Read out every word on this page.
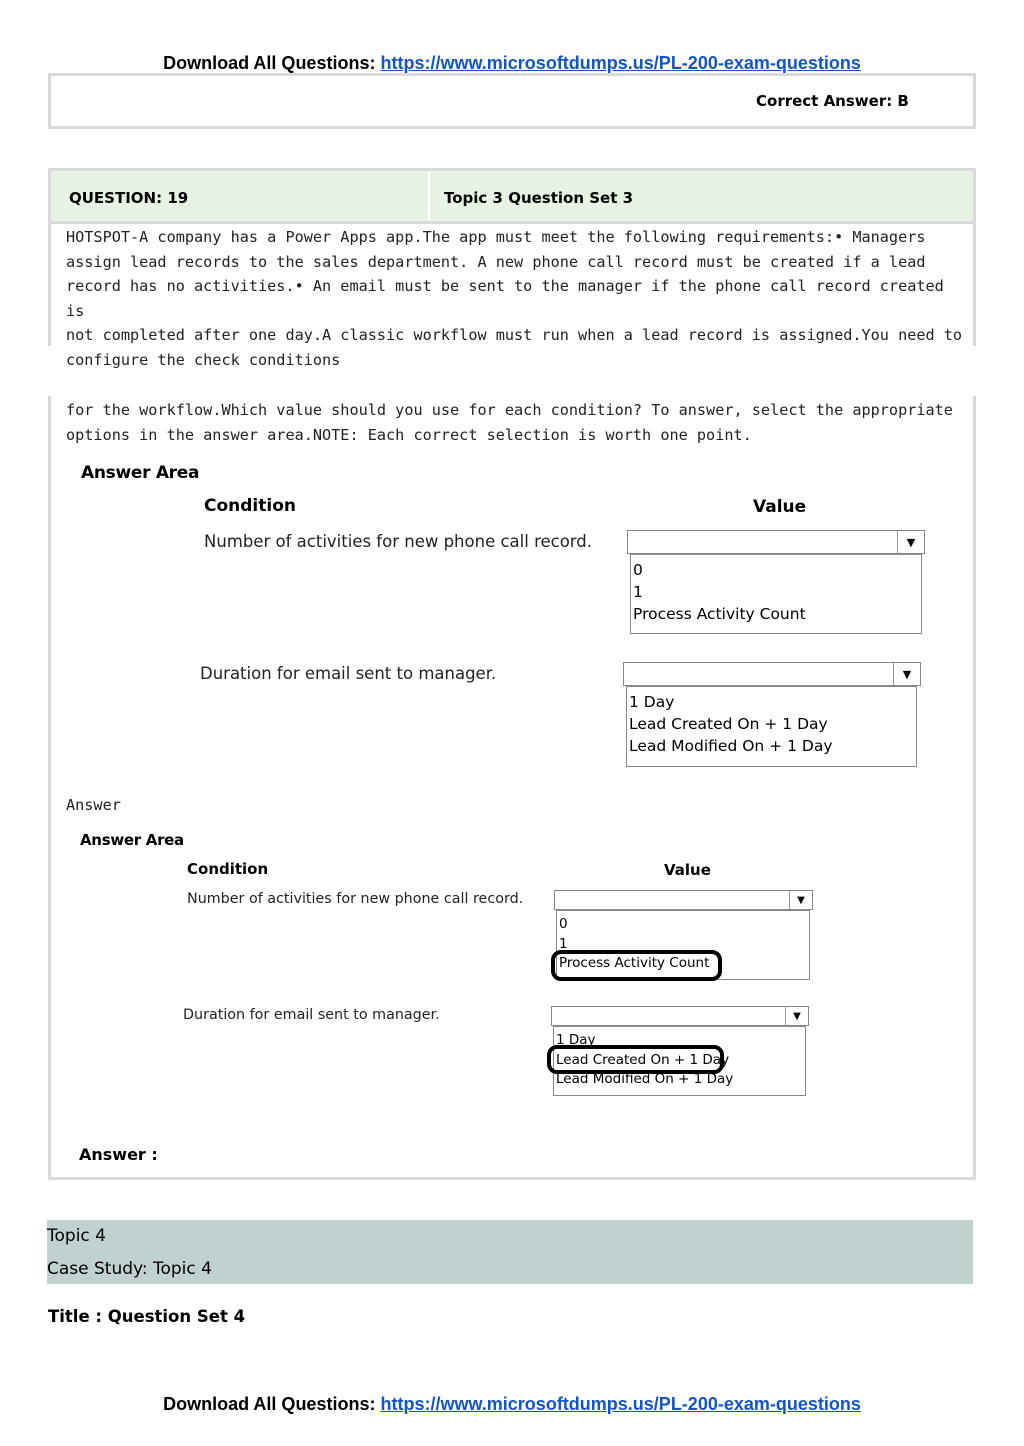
Download All Questions: https://www.microsoftdumps.us/PL-200-exam-questions
Correct Answer: B
QUESTION: 19	Topic 3 Question Set 3
HOTSPOT-A company has a Power Apps app.The app must meet the following requirements:• Managers
assign lead records to the sales department. A new phone call record must be created if a lead
record has no activities.• An email must be sent to the manager if the phone call record created is
not completed after one day.A classic workflow must run when a lead record is assigned.You need to
configure the check conditions
for the workflow.Which value should you use for each condition? To answer, select the appropriate
options in the answer area.NOTE: Each correct selection is worth one point.
Answer Area
Condition	Value
Number of activities for new phone call record.	▼
0
1
Process Activity Count
Duration for email sent to manager.	▼
1 Day
Lead Created On + 1 Day
Lead Modified On + 1 Day
Answer
Answer Area
Condition	Value
Number of activities for new phone call record.	▼
0
1
Process Activity Count
Duration for email sent to manager.	▼
1 Day
Lead Created On + 1 Day
Lead Modified On + 1 Day
Answer :
Topic 4
Case Study: Topic 4
Title : Question Set 4
Download All Questions: https://www.microsoftdumps.us/PL-200-exam-questions
